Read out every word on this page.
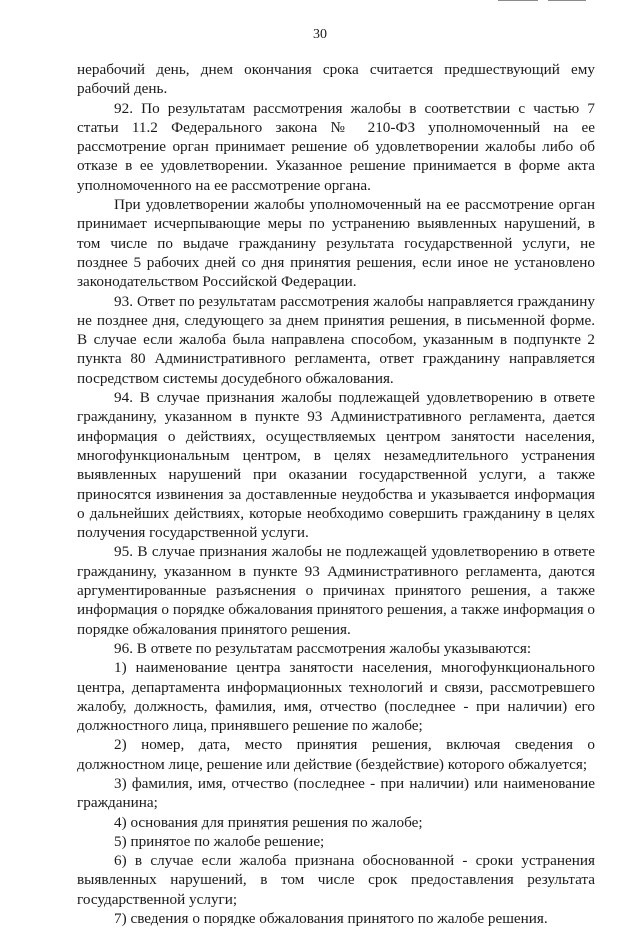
30

нерабочий день, днем окончания срока считается предшествующий ему рабочий день.

92. По результатам рассмотрения жалобы в соответствии с частью 7 статьи 11.2 Федерального закона № 210-ФЗ уполномоченный на ее рассмотрение орган принимает решение об удовлетворении жалобы либо об отказе в ее удовлетворении. Указанное решение принимается в форме акта уполномоченного на ее рассмотрение органа.

При удовлетворении жалобы уполномоченный на ее рассмотрение орган принимает исчерпывающие меры по устранению выявленных нарушений, в том числе по выдаче гражданину результата государственной услуги, не позднее 5 рабочих дней со дня принятия решения, если иное не установлено законодательством Российской Федерации.

93. Ответ по результатам рассмотрения жалобы направляется гражданину не позднее дня, следующего за днем принятия решения, в письменной форме. В случае если жалоба была направлена способом, указанным в подпункте 2 пункта 80 Административного регламента, ответ гражданину направляется посредством системы досудебного обжалования.

94. В случае признания жалобы подлежащей удовлетворению в ответе гражданину, указанном в пункте 93 Административного регламента, дается информация о действиях, осуществляемых центром занятости населения, многофункциональным центром, в целях незамедлительного устранения выявленных нарушений при оказании государственной услуги, а также приносятся извинения за доставленные неудобства и указывается информация о дальнейших действиях, которые необходимо совершить гражданину в целях получения государственной услуги.

95. В случае признания жалобы не подлежащей удовлетворению в ответе гражданину, указанном в пункте 93 Административного регламента, даются аргументированные разъяснения о причинах принятого решения, а также информация о порядке обжалования принятого решения, а также информация о порядке обжалования принятого решения.

96. В ответе по результатам рассмотрения жалобы указываются:

1) наименование центра занятости населения, многофункционального центра, департамента информационных технологий и связи, рассмотревшего жалобу, должность, фамилия, имя, отчество (последнее - при наличии) его должностного лица, принявшего решение по жалобе;

2) номер, дата, место принятия решения, включая сведения о должностном лице, решение или действие (бездействие) которого обжалуется;

3) фамилия, имя, отчество (последнее - при наличии) или наименование гражданина;

4) основания для принятия решения по жалобе;

5) принятое по жалобе решение;

6) в случае если жалоба признана обоснованной - сроки устранения выявленных нарушений, в том числе срок предоставления результата государственной услуги;

7) сведения о порядке обжалования принятого по жалобе решения.
